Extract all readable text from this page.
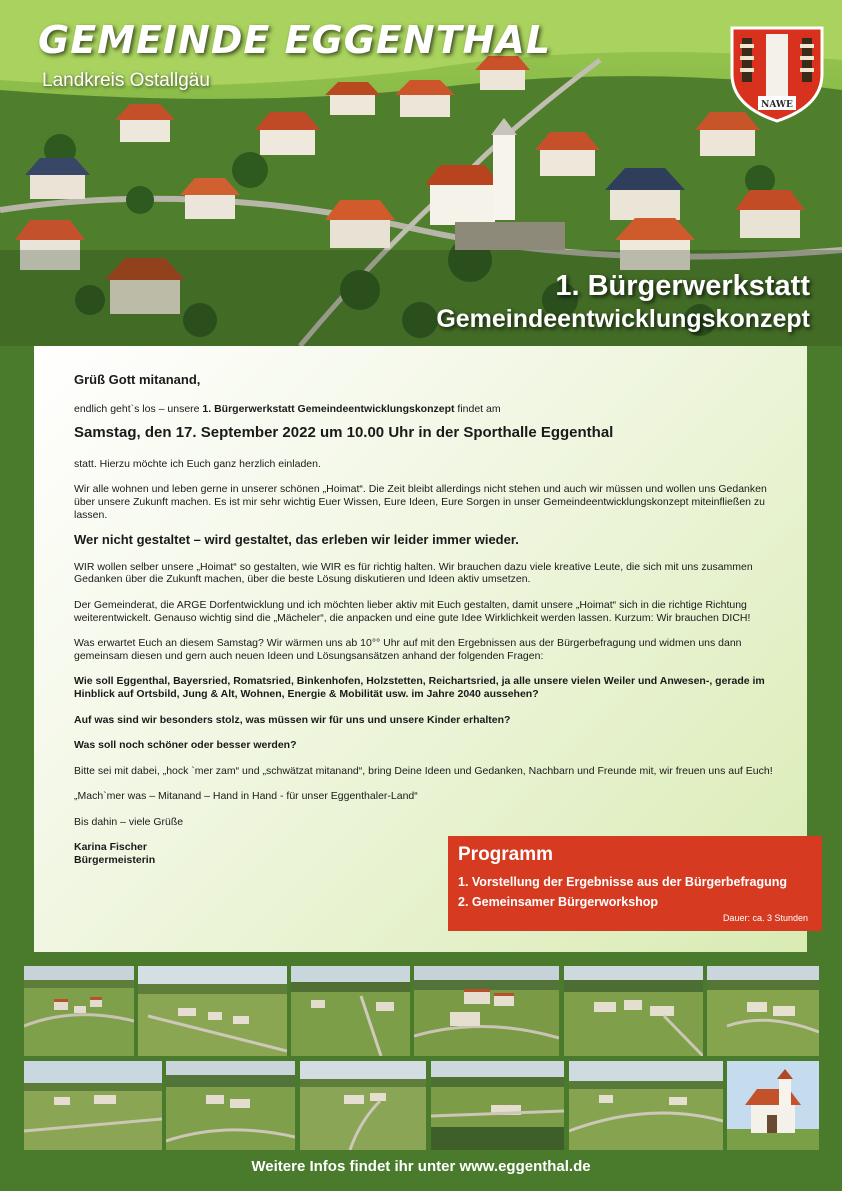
GEMEINDE EGGENTHAL

Landkreis Ostallgäu

NAWE
1. Bürgerwerkstatt
Gemeindeentwicklungskonzept

Grüß Gott mitanand,

endlich geht`s los – unsere 1. Bürgerwerkstatt Gemeindeentwicklungskonzept findet am

Samstag, den 17. September 2022 um 10.00 Uhr in der Sporthalle Eggenthal

statt. Hierzu möchte ich Euch ganz herzlich einladen.

Wir alle wohnen und leben gerne in unserer schönen „Hoimat“. Die Zeit bleibt allerdings nicht stehen und auch wir müssen und wollen uns Gedanken über unsere Zukunft machen. Es ist mir sehr wichtig Euer Wissen, Eure Ideen, Eure Sorgen in unser Gemeindeentwicklungskonzept miteinfließen zu lassen.

Wer nicht gestaltet – wird gestaltet, das erleben wir leider immer wieder.

WIR wollen selber unsere „Hoimat“ so gestalten, wie WIR es für richtig halten. Wir brauchen dazu viele kreative Leute, die sich mit uns zusammen Gedanken über die Zukunft machen, über die beste Lösung diskutieren und Ideen aktiv umsetzen.

Der Gemeinderat, die ARGE Dorfentwicklung und ich möchten lieber aktiv mit Euch gestalten, damit unsere „Hoimat“ sich in die richtige Richtung weiterentwickelt. Genauso wichtig sind die „Mächeler“, die anpacken und eine gute Idee Wirklichkeit werden lassen. Kurzum: Wir brauchen DICH!

Was erwartet Euch an diesem Samstag? Wir wärmen uns ab 10°° Uhr auf mit den Ergebnissen aus der Bürgerbefragung und widmen uns dann gemeinsam diesen und gern auch neuen Ideen und Lösungsansätzen anhand der folgenden Fragen:

Wie soll Eggenthal, Bayersried, Romatsried, Binkenhofen, Holzstetten, Reichartsried, ja alle unsere vielen Weiler und Anwesen-, gerade im Hinblick auf Ortsbild, Jung & Alt, Wohnen, Energie & Mobilität usw. im Jahre 2040 aussehen?

Auf was sind wir besonders stolz, was müssen wir für uns und unsere Kinder erhalten?

Was soll noch schöner oder besser werden?

Bitte sei mit dabei, „hock `mer zam“ und „schwätzat mitanand“, bring Deine Ideen und Gedanken, Nachbarn und Freunde mit, wir freuen uns auf Euch!

„Mach`mer was – Mitanand – Hand in Hand - für unser Eggenthaler-Land“

Bis dahin – viele Grüße

Karina Fischer

Bürgermeisterin	Programm
1. Vorstellung der Ergebnisse aus der Bürgerbefragung
2. Gemeinsamer Bürgerworkshop
Dauer: ca. 3 Stunden
Weitere Infos findet ihr unter www.eggenthal.de
